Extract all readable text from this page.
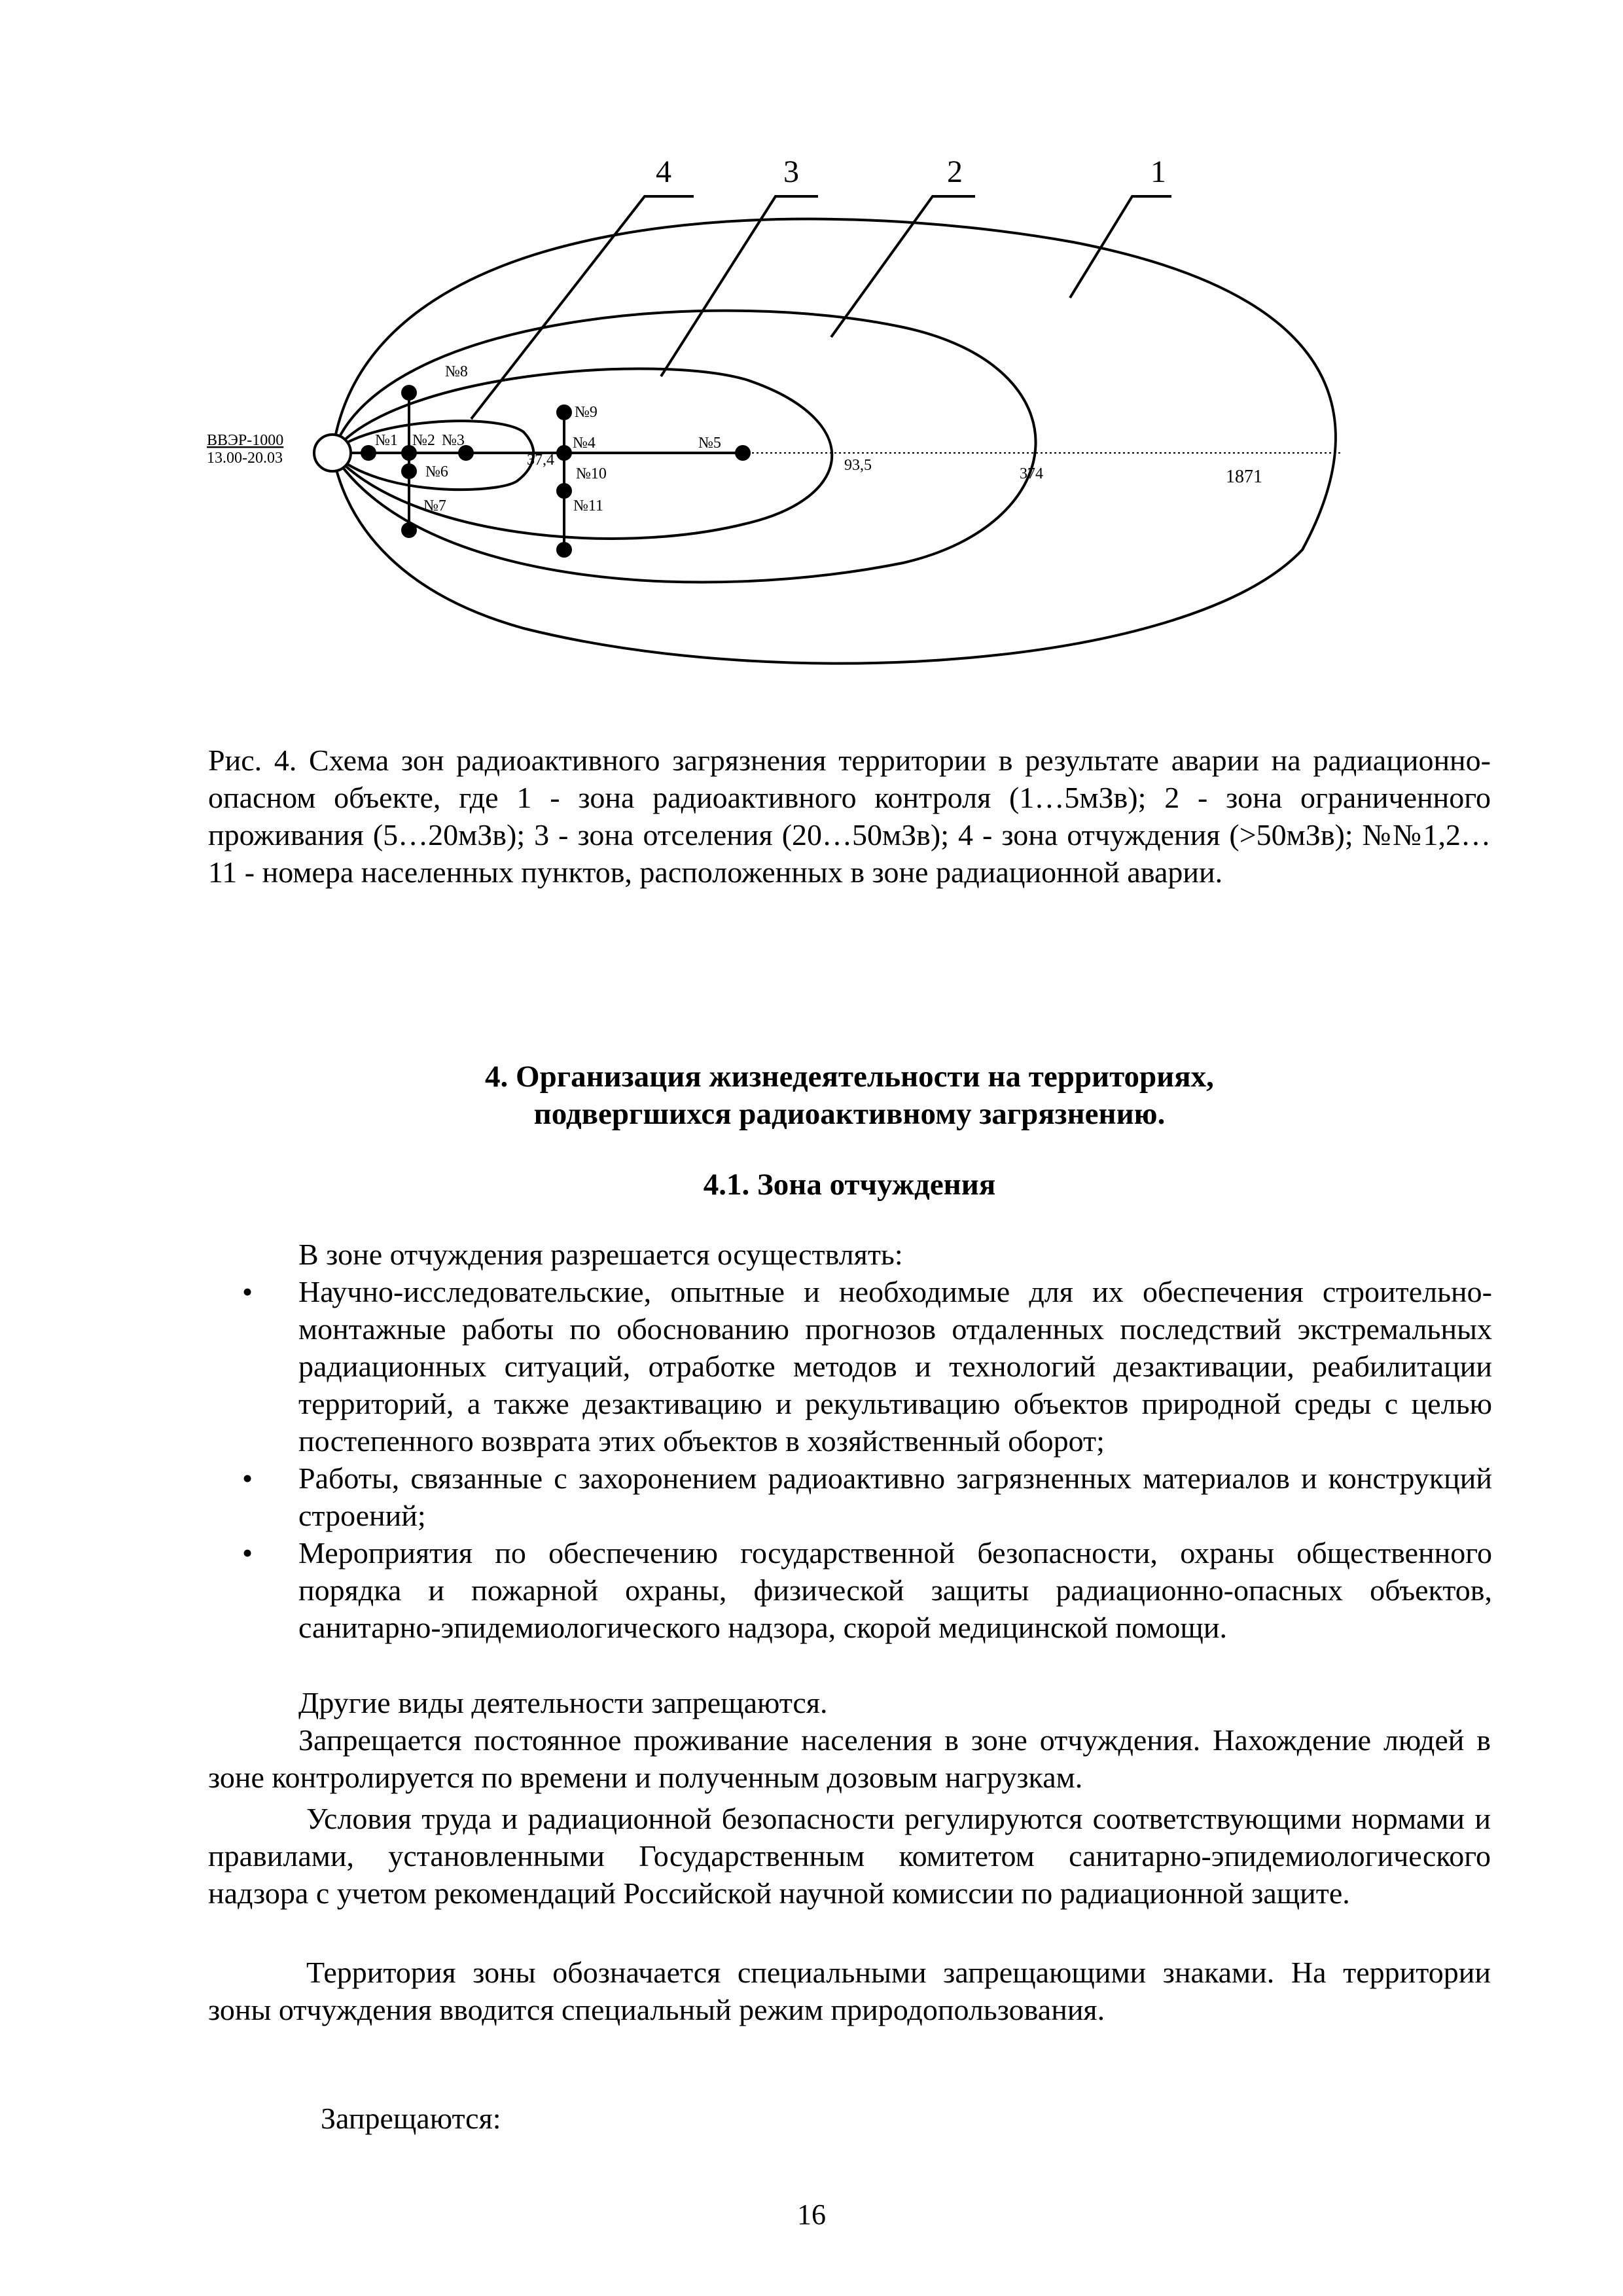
4	3	2	1
ВВЭР-1000
13.00-20.03
№1 №2 №3	№4	№5
№6
№7
№8
№9
№10
№11
37,4	93,5	374	1871
Рис. 4. Схема зон радиоактивного загрязнения территории в результате аварии на радиационно-опасном объекте, где 1 - зона радиоактивного контроля (1…5мЗв); 2 - зона ограниченного проживания (5…20мЗв); 3 - зона отселения (20…50мЗв); 4 - зона отчуждения (>50мЗв); №№1,2…11 - номера населенных пунктов, расположенных в зоне радиационной аварии.
4. Организация жизнедеятельности на территориях,
подвергшихся радиоактивному загрязнению.
4.1. Зона отчуждения
В зоне отчуждения разрешается осуществлять:
• Научно-исследовательские, опытные и необходимые для их обеспечения строительно-монтажные работы по обоснованию прогнозов отдаленных последствий экстремальных радиационных ситуаций, отработке методов и технологий дезактивации, реабилитации территорий, а также дезактивацию и рекультивацию объектов природной среды с целью постепенного возврата этих объектов в хозяйственный оборот;
• Работы, связанные с захоронением радиоактивно загрязненных материалов и конструкций строений;
• Мероприятия по обеспечению государственной безопасности, охраны общественного порядка и пожарной охраны, физической защиты радиационно-опасных объектов, санитарно-эпидемиологического надзора, скорой медицинской помощи.
Другие виды деятельности запрещаются.
Запрещается постоянное проживание населения в зоне отчуждения. Нахождение людей в зоне контролируется по времени и полученным дозовым нагрузкам.
Условия труда и радиационной безопасности регулируются соответствующими нормами и правилами, установленными Государственным комитетом санитарно-эпидемиологического надзора с учетом рекомендаций Российской научной комиссии по радиационной защите.
Территория зоны обозначается специальными запрещающими знаками. На территории зоны отчуждения вводится специальный режим природопользования.
Запрещаются:
16
